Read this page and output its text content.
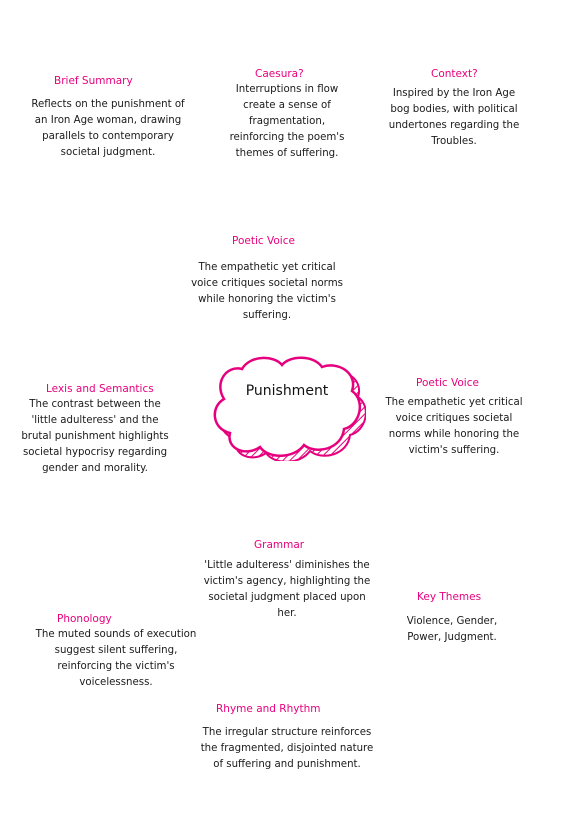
Brief Summary
Reflects on the punishment of an Iron Age woman, drawing parallels to contemporary societal judgment.
Caesura?
Interruptions in flow create a sense of fragmentation, reinforcing the poem's themes of suffering.
Context?
Inspired by the Iron Age bog bodies, with political undertones regarding the Troubles.
Poetic Voice
The empathetic yet critical voice critiques societal norms while honoring the victim's suffering.
Punishment
Lexis and Semantics
The contrast between the 'little adulteress' and the brutal punishment highlights societal hypocrisy regarding gender and morality.
Poetic Voice
The empathetic yet critical voice critiques societal norms while honoring the victim's suffering.
Grammar
'Little adulteress' diminishes the victim's agency, highlighting the societal judgment placed upon her.
Key Themes
Violence, Gender, Power, Judgment.
Phonology
The muted sounds of execution suggest silent suffering, reinforcing the victim's voicelessness.
Rhyme and Rhythm
The irregular structure reinforces the fragmented, disjointed nature of suffering and punishment.
